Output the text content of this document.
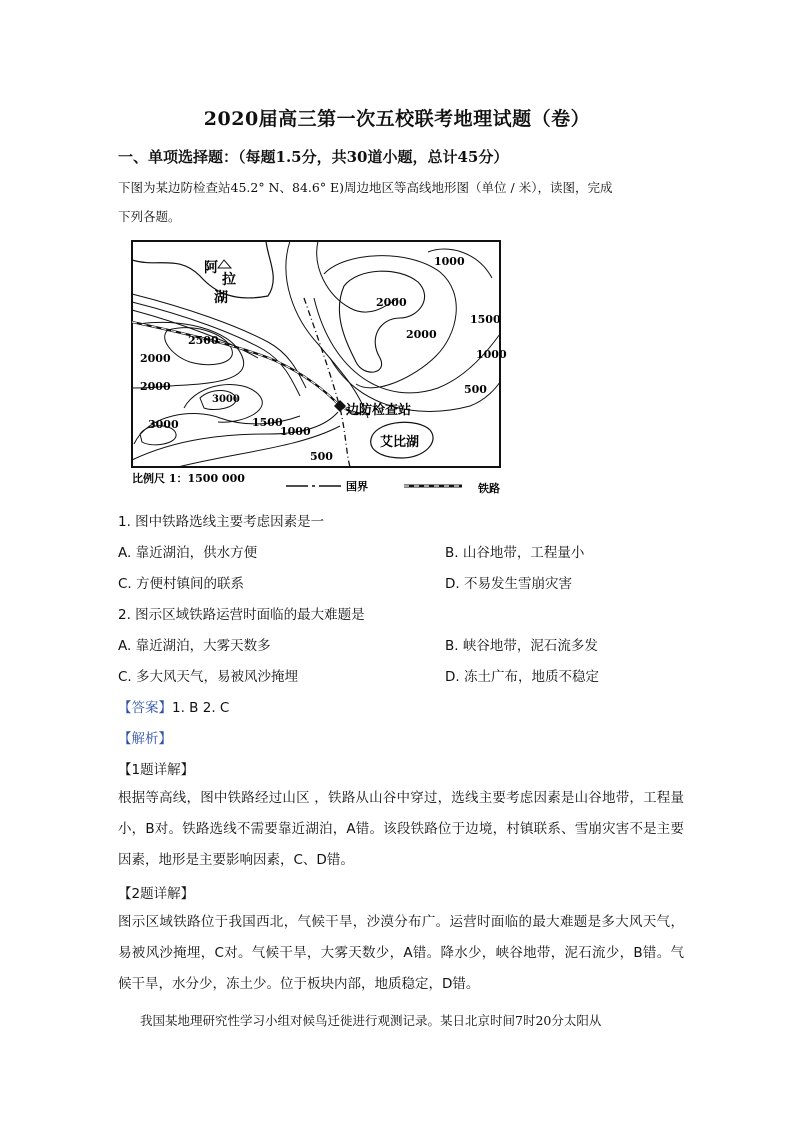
2020届高三第一次五校联考地理试题（卷）
一、单项选择题：（每题1.5分，共30道小题，总计45分）
下图为某边防检查站45.2° N、84.6° E)周边地区等高线地形图（单位 / 米），读图，完成
下列各题。
阿
拉
湖
1000
2000
2000
1500
1000
500
2500
2000
2000
3000
1500
1000
3000
500
边防检查站
艾比湖
比例尺 1：1500 000
国界	铁路
1. 图中铁路选线主要考虑因素是一
A. 靠近湖泊，供水方便	B. 山谷地带，工程量小
C. 方便村镇间的联系	D. 不易发生雪崩灾害
2. 图示区域铁路运营时面临的最大难题是
A. 靠近湖泊，大雾天数多	B. 峡谷地带，泥石流多发
C. 多大风天气，易被风沙掩埋	D. 冻土广布，地质不稳定
【答案】1. B 2. C
【解析】
【1题详解】
根据等高线，图中铁路经过山区 ，铁路从山谷中穿过，选线主要考虑因素是山谷地带，工程量小，B对。铁路选线不需要靠近湖泊，A错。该段铁路位于边境，村镇联系、雪崩灾害不是主要因素，地形是主要影响因素，C、D错。
【2题详解】
图示区域铁路位于我国西北，气候干旱，沙漠分布广。运营时面临的最大难题是多大风天气，易被风沙掩埋，C对。气候干旱，大雾天数少，A错。降水少，峡谷地带，泥石流少，B错。气候干旱，水分少，冻土少。位于板块内部，地质稳定，D错。
我国某地理研究性学习小组对候鸟迁徙进行观测记录。某日北京时间7时20分太阳从
